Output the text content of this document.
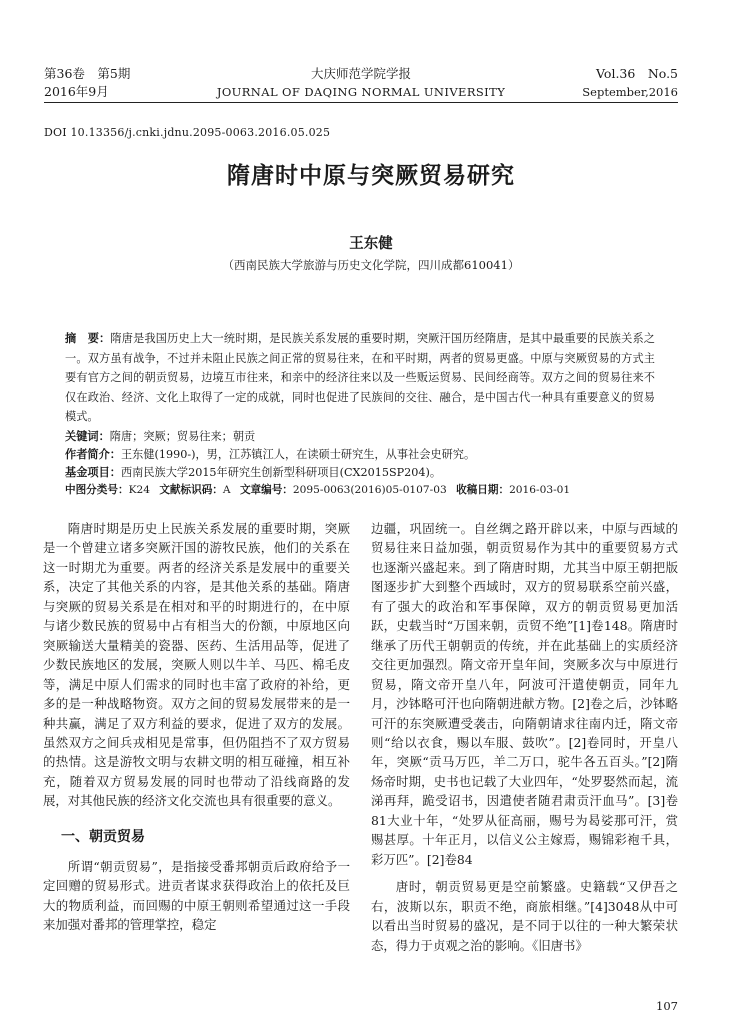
第36卷　第5期	大庆师范学院学报	Vol.36　No.5
2016年9月	JOURNAL OF DAQING NORMAL UNIVERSITY	September,2016
DOI 10.13356/j.cnki.jdnu.2095-0063.2016.05.025
隋唐时中原与突厥贸易研究
王东健
（西南民族大学旅游与历史文化学院，四川成都610041）
摘　要：隋唐是我国历史上大一统时期，是民族关系发展的重要时期，突厥汗国历经隋唐，是其中最重要的民族关系之一。双方虽有战争，不过并未阻止民族之间正常的贸易往来，在和平时期，两者的贸易更盛。中原与突厥贸易的方式主要有官方之间的朝贡贸易，边境互市往来，和亲中的经济往来以及一些贩运贸易、民间经商等。双方之间的贸易往来不仅在政治、经济、文化上取得了一定的成就，同时也促进了民族间的交往、融合，是中国古代一种具有重要意义的贸易模式。
关键词：隋唐；突厥；贸易往来；朝贡
作者简介：王东健(1990-)，男，江苏镇江人，在读硕士研究生，从事社会史研究。
基金项目：西南民族大学2015年研究生创新型科研项目(CX2015SP204)。
中图分类号：K24 文献标识码：A 文章编号：2095-0063(2016)05-0107-03 收稿日期：2016-03-01

隋唐时期是历史上民族关系发展的重要时期，突厥是一个曾建立诸多突厥汗国的游牧民族，他们的关系在这一时期尤为重要。两者的经济关系是发展中的重要关系，决定了其他关系的内容，是其他关系的基础。隋唐与突厥的贸易关系是在相对和平的时期进行的，在中原与诸少数民族的贸易中占有相当大的份额，中原地区向突厥输送大量精美的瓷器、医药、生活用品等，促进了少数民族地区的发展，突厥人则以牛羊、马匹、棉毛皮等，满足中原人们需求的同时也丰富了政府的补给，更多的是一种战略物资。双方之间的贸易发展带来的是一种共赢，满足了双方利益的要求，促进了双方的发展。虽然双方之间兵戎相见是常事，但仍阻挡不了双方贸易的热情。这是游牧文明与农耕文明的相互碰撞，相互补充，随着双方贸易发展的同时也带动了沿线商路的发展，对其他民族的经济文化交流也具有很重要的意义。

一、朝贡贸易

所谓“朝贡贸易”，是指接受番邦朝贡后政府给予一定回赠的贸易形式。进贡者谋求获得政治上的依托及巨大的物质利益，而回赐的中原王朝则希望通过这一手段来加强对番邦的管理掌控，稳定

边疆，巩固统一。自丝绸之路开辟以来，中原与西域的贸易往来日益加强，朝贡贸易作为其中的重要贸易方式也逐渐兴盛起来。到了隋唐时期，尤其当中原王朝把版图逐步扩大到整个西域时，双方的贸易联系空前兴盛，有了强大的政治和军事保障，双方的朝贡贸易更加活跃，史载当时“万国来朝，贡贸不绝”[1]卷148。隋唐时继承了历代王朝朝贡的传统，并在此基础上的实质经济交往更加强烈。隋文帝开皇年间，突厥多次与中原进行贸易，隋文帝开皇八年，阿波可汗遣使朝贡，同年九月，沙钵略可汗也向隋朝进献方物。[2]卷之后，沙钵略可汗的东突厥遭受袭击，向隋朝请求往南内迁，隋文帝则“给以衣食，赐以车服、鼓吹”。[2]卷同时，开皇八年，突厥“贡马万匹，羊二万口，驼牛各五百头。”[2]隋炀帝时期，史书也记载了大业四年，“处罗娶然而起，流涕再拜，跪受诏书，因遣使者随君肃贡汗血马”。[3]卷81大业十年，“处罗从征高丽，赐号为曷娑那可汗，赏赐甚厚。十年正月，以信义公主嫁焉，赐锦彩袍千具，彩万匹”。[2]卷84

唐时，朝贡贸易更是空前繁盛。史籍载“又伊吾之右，波斯以东，职贡不绝，商旅相继。”[4]3048从中可以看出当时贸易的盛况，是不同于以往的一种大繁荣状态，得力于贞观之治的影响。《旧唐书》

107
